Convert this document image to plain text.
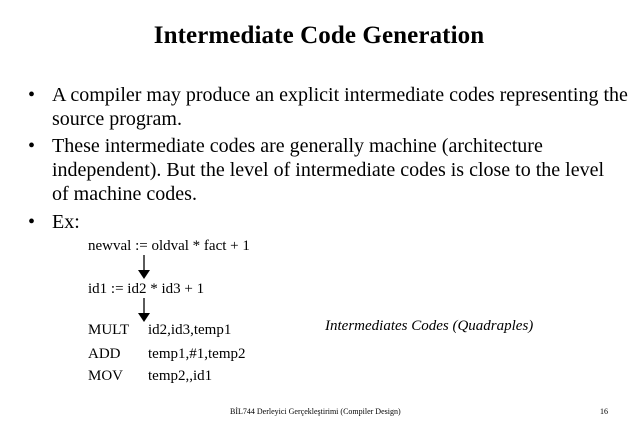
Intermediate Code Generation
• A compiler may produce an explicit intermediate codes representing the
source program.
• These intermediate codes are generally machine (architecture
independent). But the level of intermediate codes is close to the level
of machine codes.
• Ex:
newval := oldval * fact + 1
id1 := id2 * id3 + 1
MULT id2,id3,temp1
ADD temp1,#1,temp2
MOV temp2,,id1
Intermediates Codes (Quadraples)
BİL744 Derleyici Gerçekleştirimi (Compiler Design)	16
